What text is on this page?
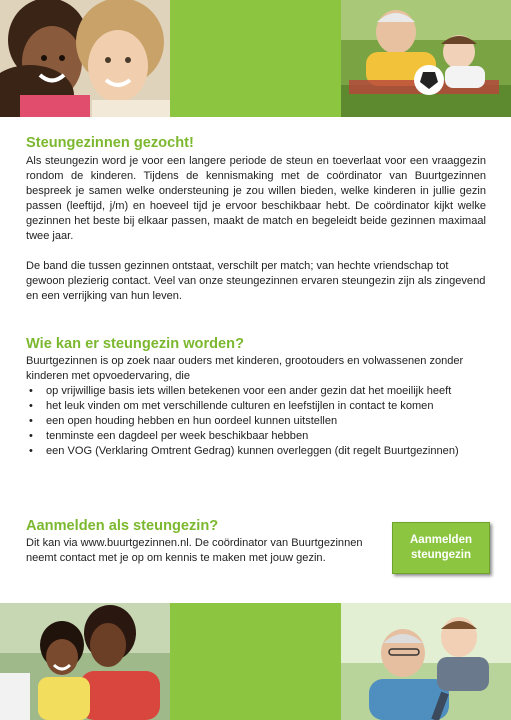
Steungezinnen gezocht!

Als steungezin word je voor een langere periode de steun en toeverlaat voor een vraaggezin rondom de kinderen. Tijdens de kennismaking met de coördinator van Buurtgezinnen bespreek je samen welke ondersteuning je zou willen bieden, welke kinderen in jullie gezin passen (leeftijd, j/m) en hoeveel tijd je ervoor beschikbaar hebt. De coördinator kijkt welke gezinnen het beste bij elkaar passen, maakt de match en begeleidt beide gezinnen maximaal twee jaar.

De band die tussen gezinnen ontstaat, verschilt per match; van hechte vriendschap tot gewoon plezierig contact. Veel van onze steungezinnen ervaren steungezin zijn als zingevend en een verrijking van hun leven.

Wie kan er steungezin worden?

Buurtgezinnen is op zoek naar ouders met kinderen, grootouders en volwassenen zonder kinderen met opvoedervaring, die

• op vrijwillige basis iets willen betekenen voor een ander gezin dat het moeilijk heeft
• het leuk vinden om met verschillende culturen en leefstijlen in contact te komen
• een open houding hebben en hun oordeel kunnen uitstellen
• tenminste een dagdeel per week beschikbaar hebben
• een VOG (Verklaring Omtrent Gedrag) kunnen overleggen (dit regelt Buurtgezinnen)
Aanmelden als steungezin?

Dit kan via www.buurtgezinnen.nl. De coördinator van Buurtgezinnen neemt contact met je op om kennis te maken met jouw gezin.

Aanmelden
steungezin
